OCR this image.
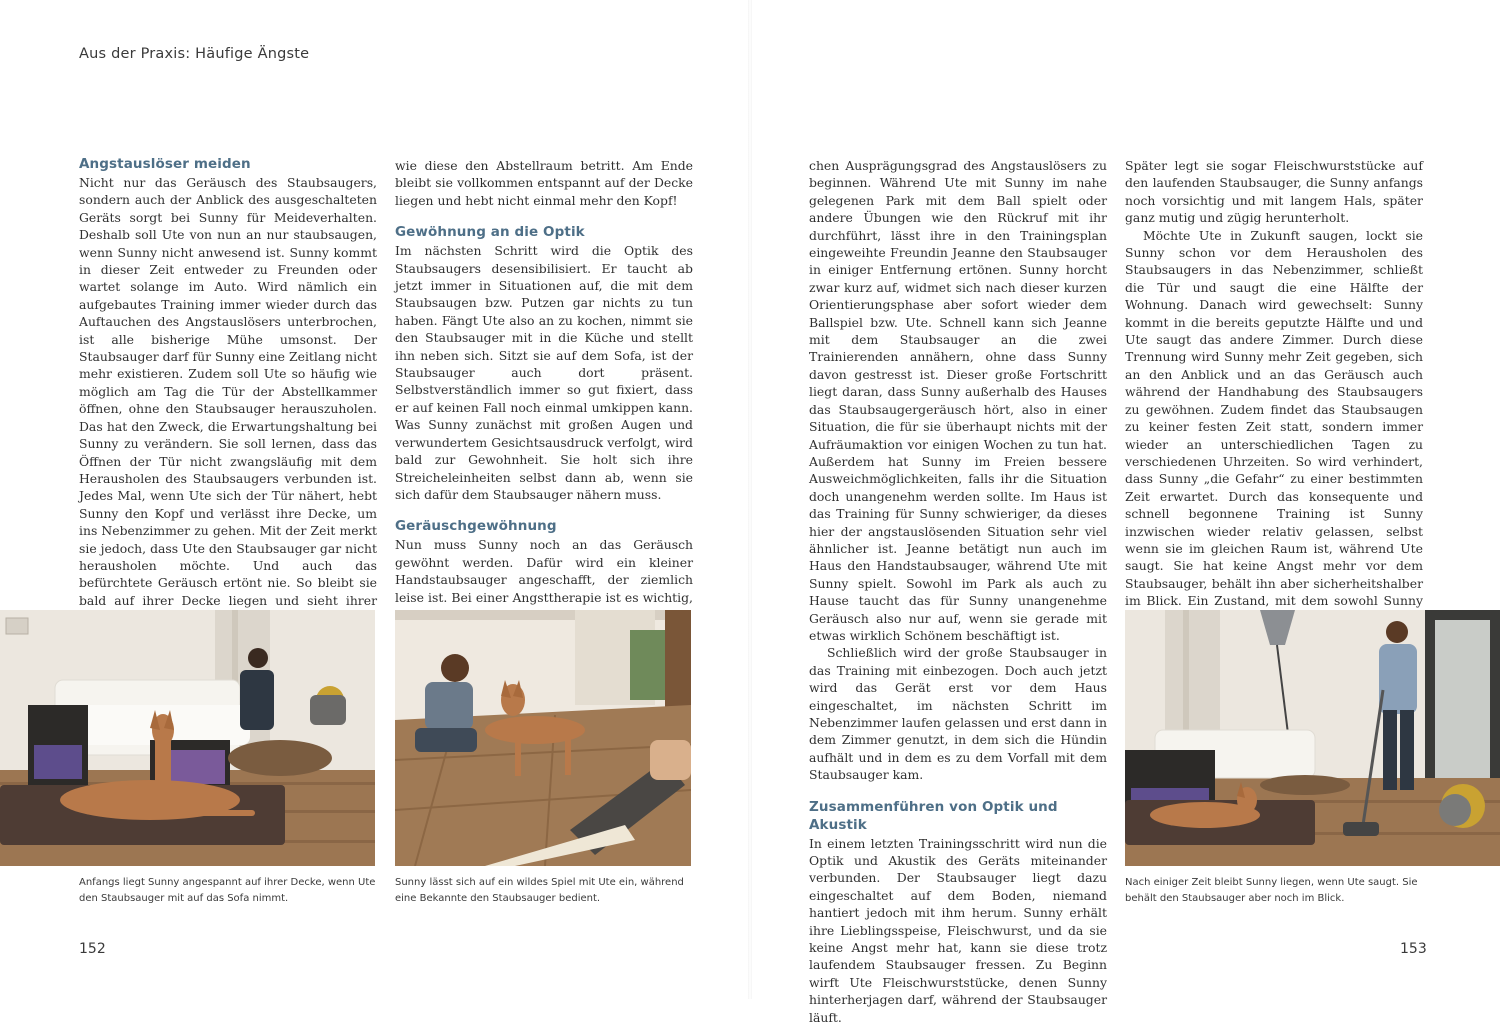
Aus der Praxis: Häufige Ängste
Angstauslöser meiden

Nicht nur das Geräusch des Staubsaugers, sondern auch der Anblick des ausgeschalteten Geräts sorgt bei Sunny für Meideverhalten. Deshalb soll Ute von nun an nur staubsaugen, wenn Sunny nicht anwesend ist. Sunny kommt in dieser Zeit entweder zu Freunden oder wartet solange im Auto. Wird nämlich ein aufgebautes Training immer wieder durch das Auftauchen des Angstauslösers unterbrochen, ist alle bisherige Mühe umsonst. Der Staubsauger darf für Sunny eine Zeitlang nicht mehr existieren. Zudem soll Ute so häufig wie möglich am Tag die Tür der Abstellkammer öffnen, ohne den Staubsauger herauszuholen. Das hat den Zweck, die Erwartungshaltung bei Sunny zu verändern. Sie soll lernen, dass das Öffnen der Tür nicht zwangsläufig mit dem Herausholen des Staubsaugers verbunden ist. Jedes Mal, wenn Ute sich der Tür nähert, hebt Sunny den Kopf und verlässt ihre Decke, um ins Nebenzimmer zu gehen. Mit der Zeit merkt sie jedoch, dass Ute den Staubsauger gar nicht herausholen möchte. Und auch das befürchtete Geräusch ertönt nie. So bleibt sie bald auf ihrer Decke liegen und sieht ihrer

wie diese den Abstellraum betritt. Am Ende bleibt sie vollkommen entspannt auf der Decke liegen und hebt nicht einmal mehr den Kopf!

Gewöhnung an die Optik

Im nächsten Schritt wird die Optik des Staubsaugers desensibilisiert. Er taucht ab jetzt immer in Situationen auf, die mit dem Staubsaugen bzw. Putzen gar nichts zu tun haben. Fängt Ute also an zu kochen, nimmt sie den Staubsauger mit in die Küche und stellt ihn neben sich. Sitzt sie auf dem Sofa, ist der Staubsauger auch dort präsent. Selbstverständlich immer so gut fixiert, dass er auf keinen Fall noch einmal umkippen kann. Was Sunny zunächst mit großen Augen und verwundertem Gesichtsausdruck verfolgt, wird bald zur Gewohnheit. Sie holt sich ihre Streicheleinheiten selbst dann ab, wenn sie sich dafür dem Staubsauger nähern muss.

Geräuschgewöhnung

Nun muss Sunny noch an das Geräusch gewöhnt werden. Dafür wird ein kleiner Handstaubsauger angeschafft, der ziemlich leise ist. Bei einer Angsttherapie ist es wichtig,

chen Ausprägungsgrad des Angstauslösers zu beginnen. Während Ute mit Sunny im nahe gelegenen Park mit dem Ball spielt oder andere Übungen wie den Rückruf mit ihr durchführt, lässt ihre in den Trainingsplan eingeweihte Freundin Jeanne den Staubsauger in einiger Entfernung ertönen. Sunny horcht zwar kurz auf, widmet sich nach dieser kurzen Orientierungsphase aber sofort wieder dem Ballspiel bzw. Ute. Schnell kann sich Jeanne mit dem Staubsauger an die zwei Trainierenden annähern, ohne dass Sunny davon gestresst ist. Dieser große Fortschritt liegt daran, dass Sunny außerhalb des Hauses das Staubsaugergeräusch hört, also in einer Situation, die für sie überhaupt nichts mit der Aufräumaktion vor einigen Wochen zu tun hat. Außerdem hat Sunny im Freien bessere Ausweichmöglichkeiten, falls ihr die Situation doch unangenehm werden sollte. Im Haus ist das Training für Sunny schwieriger, da dieses hier der angstauslösenden Situation sehr viel ähnlicher ist. Jeanne betätigt nun auch im Haus den Handstaubsauger, während Ute mit Sunny spielt. Sowohl im Park als auch zu Hause taucht das für Sunny unangenehme Geräusch also nur auf, wenn sie gerade mit etwas wirklich Schönem beschäftigt ist.

Schließlich wird der große Staubsauger in das Training mit einbezogen. Doch auch jetzt wird das Gerät erst vor dem Haus eingeschaltet, im nächsten Schritt im Nebenzimmer laufen gelassen und erst dann in dem Zimmer genutzt, in dem sich die Hündin aufhält und in dem es zu dem Vorfall mit dem Staubsauger kam.

Zusammenführen von Optik und Akustik

In einem letzten Trainingsschritt wird nun die Optik und Akustik des Geräts miteinander verbunden. Der Staubsauger liegt dazu eingeschaltet auf dem Boden, niemand hantiert jedoch mit ihm herum. Sunny erhält ihre Lieblingsspeise, Fleischwurst, und da sie keine Angst mehr hat, kann sie diese trotz laufendem Staubsauger fressen. Zu Beginn wirft Ute Fleischwurststücke, denen Sunny hinterherjagen darf, während der Staubsauger läuft.

Später legt sie sogar Fleischwurststücke auf den laufenden Staubsauger, die Sunny anfangs noch vorsichtig und mit langem Hals, später ganz mutig und zügig herunterholt.

Möchte Ute in Zukunft saugen, lockt sie Sunny schon vor dem Herausholen des Staubsaugers in das Nebenzimmer, schließt die Tür und saugt die eine Hälfte der Wohnung. Danach wird gewechselt: Sunny kommt in die bereits geputzte Hälfte und und Ute saugt das andere Zimmer. Durch diese Trennung wird Sunny mehr Zeit gegeben, sich an den Anblick und an das Geräusch auch während der Handhabung des Staubsaugers zu gewöhnen. Zudem findet das Staubsaugen zu keiner festen Zeit statt, sondern immer wieder an unterschiedlichen Tagen zu verschiedenen Uhrzeiten. So wird verhindert, dass Sunny „die Gefahr“ zu einer bestimmten Zeit erwartet. Durch das konsequente und schnell begonnene Training ist Sunny inzwischen wieder relativ gelassen, selbst wenn sie im gleichen Raum ist, während Ute saugt. Sie hat keine Angst mehr vor dem Staubsauger, behält ihn aber sicherheitshalber im Blick. Ein Zustand, mit dem sowohl Sunny

Anfangs liegt Sunny angespannt auf ihrer Decke, wenn Ute den Staubsauger mit auf das Sofa nimmt.
Sunny lässt sich auf ein wildes Spiel mit Ute ein, während eine Bekannte den Staubsauger bedient.
Nach einiger Zeit bleibt Sunny liegen, wenn Ute saugt. Sie behält den Staubsauger aber noch im Blick.
152	153
